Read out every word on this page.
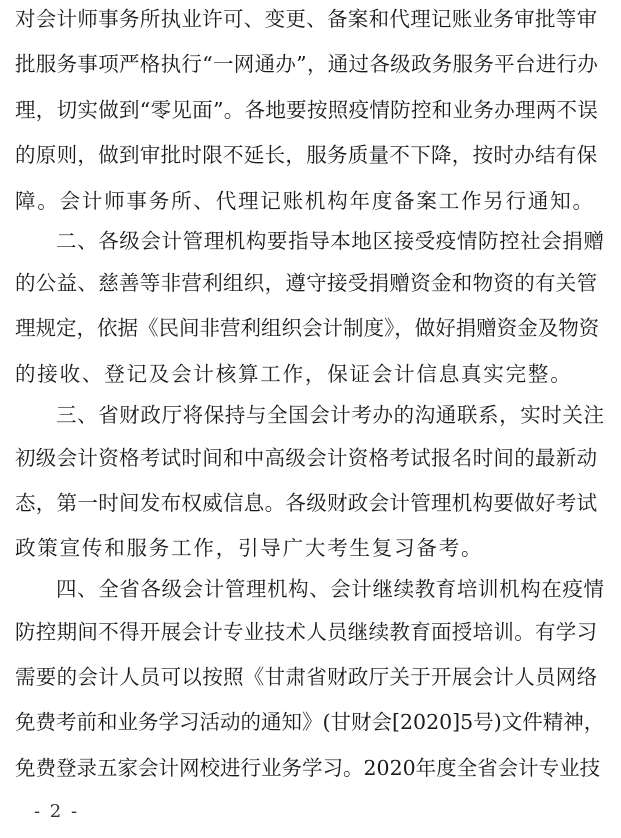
对会计师事务所执业许可、变更、备案和代理记账业务审批等审
批服务事项严格执行“一网通办”，通过各级政务服务平台进行办
理，切实做到“零见面”。各地要按照疫情防控和业务办理两不误
的原则，做到审批时限不延长，服务质量不下降，按时办结有保
障。会计师事务所、代理记账机构年度备案工作另行通知。
二、各级会计管理机构要指导本地区接受疫情防控社会捐赠
的公益、慈善等非营利组织，遵守接受捐赠资金和物资的有关管
理规定，依据《民间非营利组织会计制度》，做好捐赠资金及物资
的接收、登记及会计核算工作，保证会计信息真实完整。
三、省财政厅将保持与全国会计考办的沟通联系，实时关注
初级会计资格考试时间和中高级会计资格考试报名时间的最新动
态，第一时间发布权威信息。各级财政会计管理机构要做好考试
政策宣传和服务工作，引导广大考生复习备考。
四、全省各级会计管理机构、会计继续教育培训机构在疫情
防控期间不得开展会计专业技术人员继续教育面授培训。有学习
需要的会计人员可以按照《甘肃省财政厅关于开展会计人员网络
免费考前和业务学习活动的通知》(甘财会[2020]5号)文件精神，
免费登录五家会计网校进行业务学习。2020年度全省会计专业技
- 2 -
